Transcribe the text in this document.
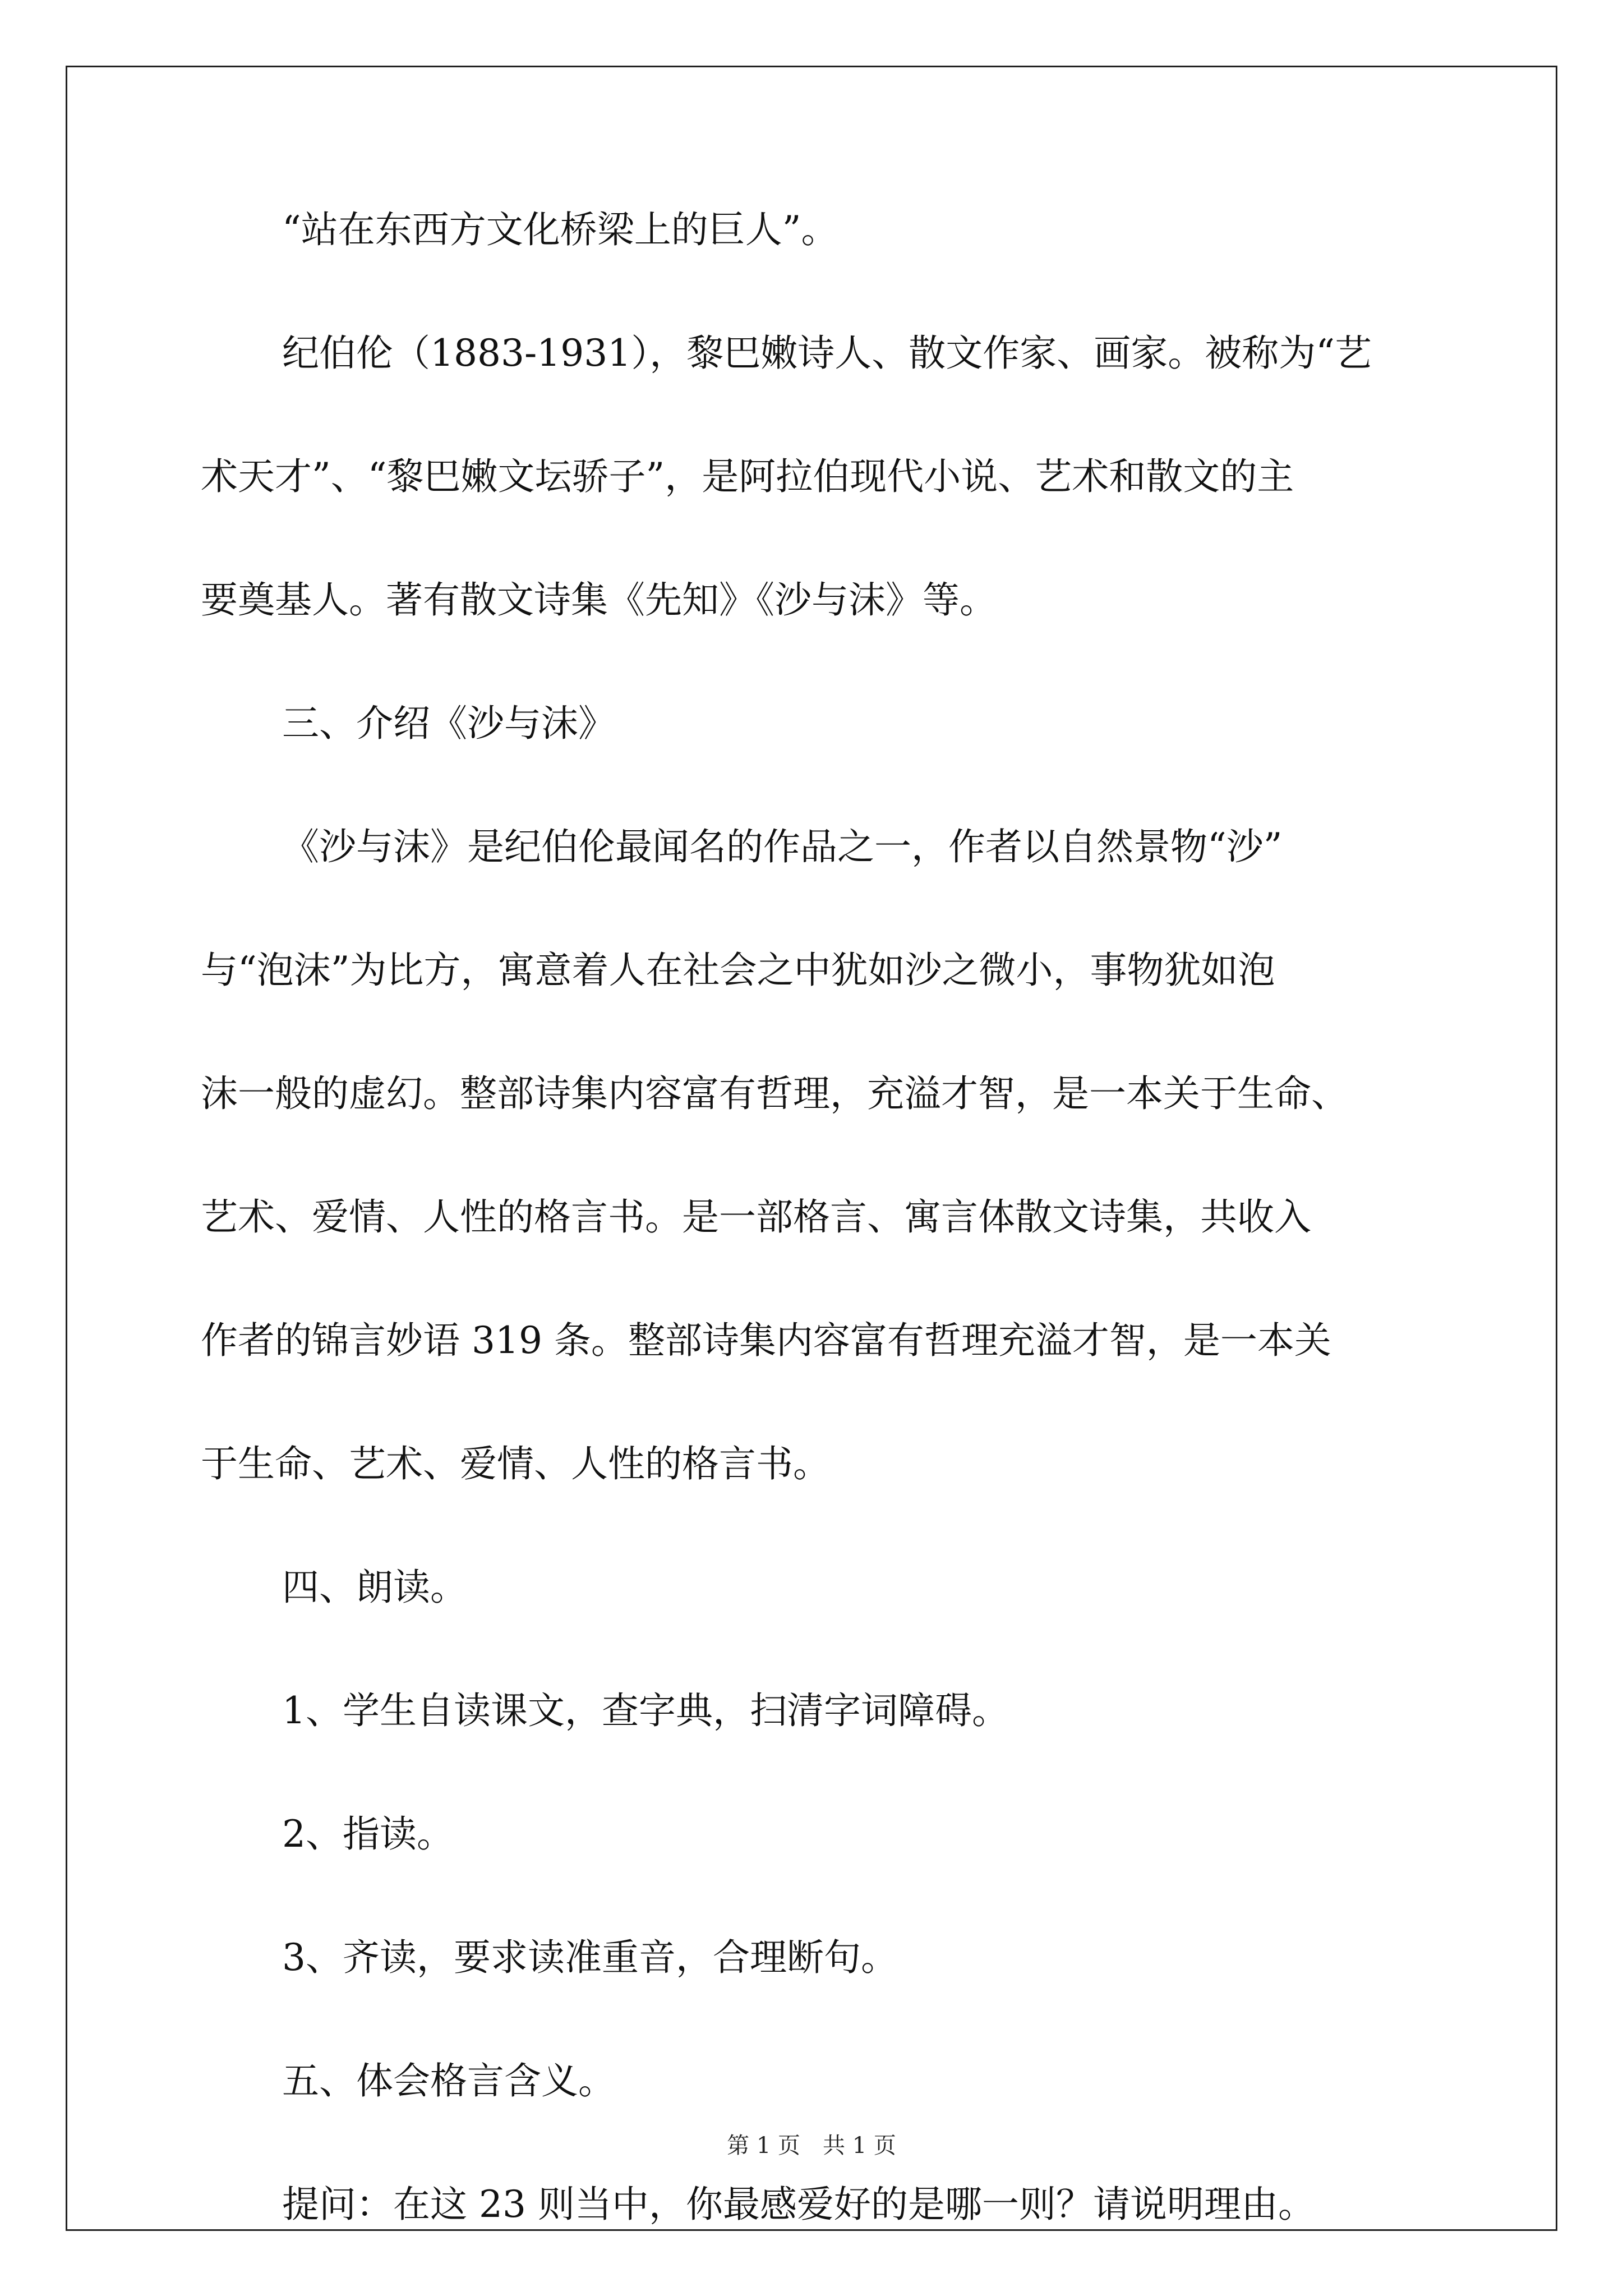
“站在东西方文化桥梁上的巨人”。
纪伯伦（1883-1931），黎巴嫩诗人、散文作家、画家。被称为“艺
术天才”、“黎巴嫩文坛骄子”，是阿拉伯现代小说、艺术和散文的主
要奠基人。著有散文诗集《先知》《沙与沫》等。
三、介绍《沙与沫》
《沙与沫》是纪伯伦最闻名的作品之一，作者以自然景物“沙”
与“泡沫”为比方，寓意着人在社会之中犹如沙之微小，事物犹如泡
沫一般的虚幻。整部诗集内容富有哲理，充溢才智，是一本关于生命、
艺术、爱情、人性的格言书。是一部格言、寓言体散文诗集，共收入
作者的锦言妙语 319 条。整部诗集内容富有哲理充溢才智，是一本关
于生命、艺术、爱情、人性的格言书。
四、朗读。
1、学生自读课文，查字典，扫清字词障碍。
2、指读。
3、齐读，要求读准重音，合理断句。
五、体会格言含义。
提问：在这 23 则当中，你最感爱好的是哪一则？请说明理由。
第 1 页　共 1 页
